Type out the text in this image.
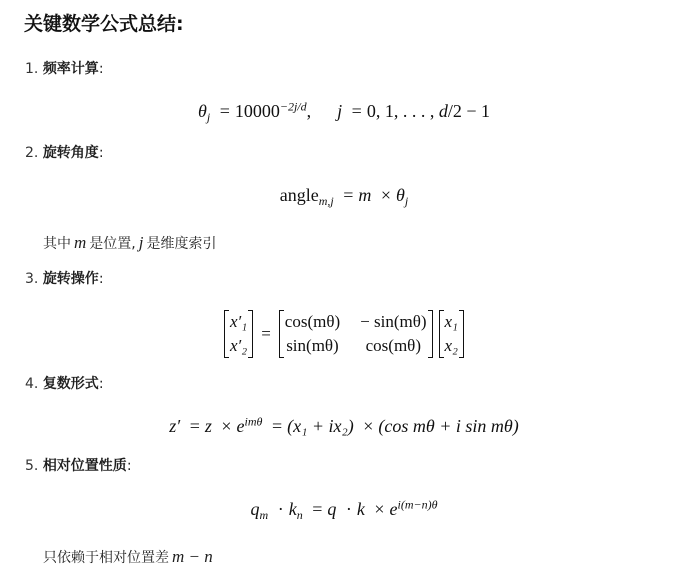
关键数学公式总结:
1. 频率计算:
$\theta_j = 10000^{-2j/d}$, j = 0, 1, . . . , d/2 − 1
2. 旋转角度:
angle$_{m,j}$ = $m \times \theta_j$
其中 m 是位置, j 是维度索引
3. 旋转操作:
x′₁
x′₂
=
cos(mθ) − sin(mθ)
sin(mθ)	cos(mθ)
x₁
x₂
4. 复数形式:
$z' = z \times e^{im\theta} = (x_1 + ix_2) \times (\cos$ mθ + i sin mθ)
5. 相对位置性质:
$q_m \cdot k_n = q \cdot k \times e^{i(m-n)\theta}$
只依赖于相对位置差 m − n
